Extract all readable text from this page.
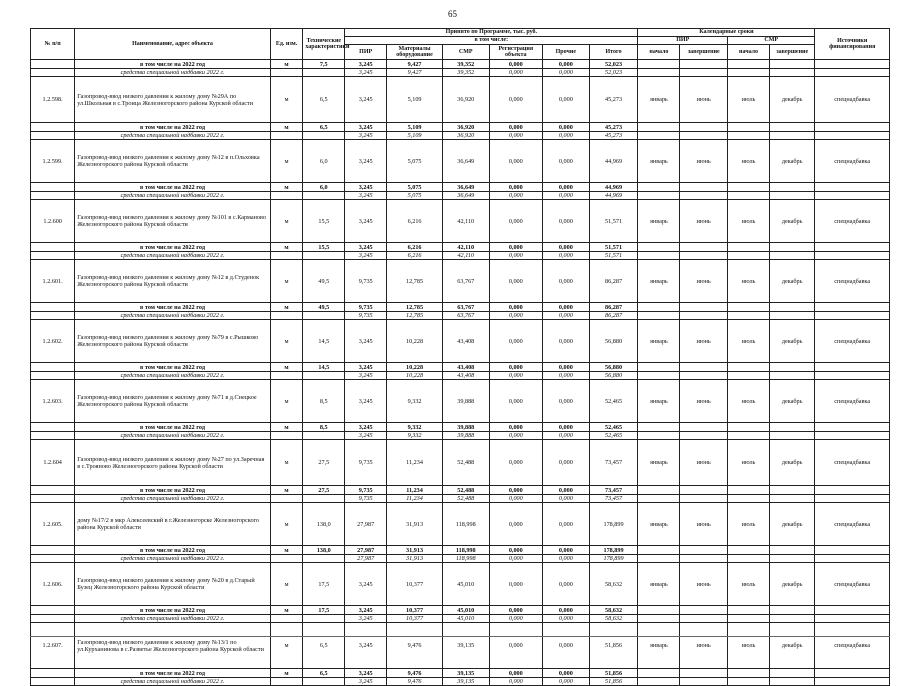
65
№ п/п	Наименование, адрес объекта	Ед. изм.	Технические характеристики	Принято по Программе, тыс. руб.						Календарные сроки				Источники финансирования
				в том числе:						ПИР		СМР		
				ПИР	Материалы оборудование	СМР	Регистрация объекта	Прочие	Итого	начало	завершение	начало	завершение	
	в том числе на 2022 год	м	7,5	3,245	9,427	39,352	0,000	0,000	52,023					
	средства специальной надбавки 2022 г.			3,245	9,427	39,352	0,000	0,000	52,023					
1.2.598.	Газопровод-ввод низкого давления к жилому дому №29А по ул.Школьная в с.Троица Железногорского района Курской области	м	6,5	3,245	5,109	36,920	0,000	0,000	45,273	январь	июнь	июль	декабрь	спецнадбавка
	в том числе на 2022 год	м	6,5	3,245	5,109	36,920	0,000	0,000	45,273					
	средства специальной надбавки 2022 г.			3,245	5,109	36,920	0,000	0,000	45,273					
1.2.599.	Газопровод-ввод низкого давления к жилому дому №12 в п.Ольховка Железногорского района Курской области	м	6,0	3,245	5,075	36,649	0,000	0,000	44,969	январь	июнь	июль	декабрь	спецнадбавка
	в том числе на 2022 год	м	6,0	3,245	5,075	36,649	0,000	0,000	44,969					
	средства специальной надбавки 2022 г.			3,245	5,075	36,649	0,000	0,000	44,969					
1.2.600	Газопровод-ввод низкого давления к жилому дому №101 в с.Карманово Железногорского района Курской области	м	15,5	3,245	6,216	42,110	0,000	0,000	51,571	январь	июнь	июль	декабрь	спецнадбавка
	в том числе на 2022 год	м	15,5	3,245	6,216	42,110	0,000	0,000	51,571					
	средства специальной надбавки 2022 г.			3,245	6,216	42,110	0,000	0,000	51,571					
1.2.601.	Газопровод-ввод низкого давления к жилому дому №12 в д.Студенок Железногорского района Курской области	м	49,5	9,735	12,785	63,767	0,000	0,000	86,287	январь	июнь	июль	декабрь	спецнадбавка
	в том числе на 2022 год	м	49,5	9,735	12,785	63,767	0,000	0,000	86,287					
	средства специальной надбавки 2022 г.			9,735	12,785	63,767	0,000	0,000	86,287					
1.2.602.	Газопровод-ввод низкого давления к жилому дому №79 в с.Рышково Железногорского района Курской области	м	14,5	3,245	10,228	43,408	0,000	0,000	56,880	январь	июнь	июль	декабрь	спецнадбавка
	в том числе на 2022 год	м	14,5	3,245	10,228	43,408	0,000	0,000	56,880					
	средства специальной надбавки 2022 г.			3,245	10,228	43,408	0,000	0,000	56,880					
1.2.603.	Газопровод-ввод низкого давления к жилому дому №71 в д.Снецкое Железногорского района Курской области	м	8,5	3,245	9,332	39,888	0,000	0,000	52,465	январь	июнь	июль	декабрь	спецнадбавка
	в том числе на 2022 год	м	8,5	3,245	9,332	39,888	0,000	0,000	52,465					
	средства специальной надбавки 2022 г.			3,245	9,332	39,888	0,000	0,000	52,465					
1.2.604	Газопровод-ввод низкого давления к жилому дому №27 по ул.Заречная в с.Трояново Железногорского района Курской области	м	27,5	9,735	11,234	52,488	0,000	0,000	73,457	январь	июнь	июль	декабрь	спецнадбавка
	в том числе на 2022 год	м	27,5	9,735	11,234	52,488	0,000	0,000	73,457					
	средства специальной надбавки 2022 г.			9,735	11,234	52,488	0,000	0,000	73,457					
1.2.605.	дому №17/2 в мкр Алексеевский в г.Железногорске Железногорского района Курской области	м	138,0	27,987	31,913	118,998	0,000	0,000	178,899	январь	июнь	июль	декабрь	спецнадбавка
	в том числе на 2022 год	м	138,0	27,987	31,913	118,998	0,000	0,000	178,899					
	средства специальной надбавки 2022 г.			27,987	31,913	118,998	0,000	0,000	178,899					
1.2.606.	Газопровод-ввод низкого давления к жилому дому №20 в д.Старый Бузец Железногорского района Курской области	м	17,5	3,245	10,377	45,010	0,000	0,000	58,632	январь	июнь	июль	декабрь	спецнадбавка
	в том числе на 2022 год	м	17,5	3,245	10,377	45,010	0,000	0,000	58,632					
	средства специальной надбавки 2022 г.			3,245	10,377	45,010	0,000	0,000	58,632					
1.2.607.	Газопровод-ввод низкого давления к жилому дому №13/1 по ул.Курханинова в с.Разветье Железногорского района Курской области	м	6,5	3,245	9,476	39,135	0,000	0,000	51,856	январь	июнь	июль	декабрь	спецнадбавка
	в том числе на 2022 год	м	6,5	3,245	9,476	39,135	0,000	0,000	51,856					
	средства специальной надбавки 2022 г.			3,245	9,476	39,135	0,000	0,000	51,856					
